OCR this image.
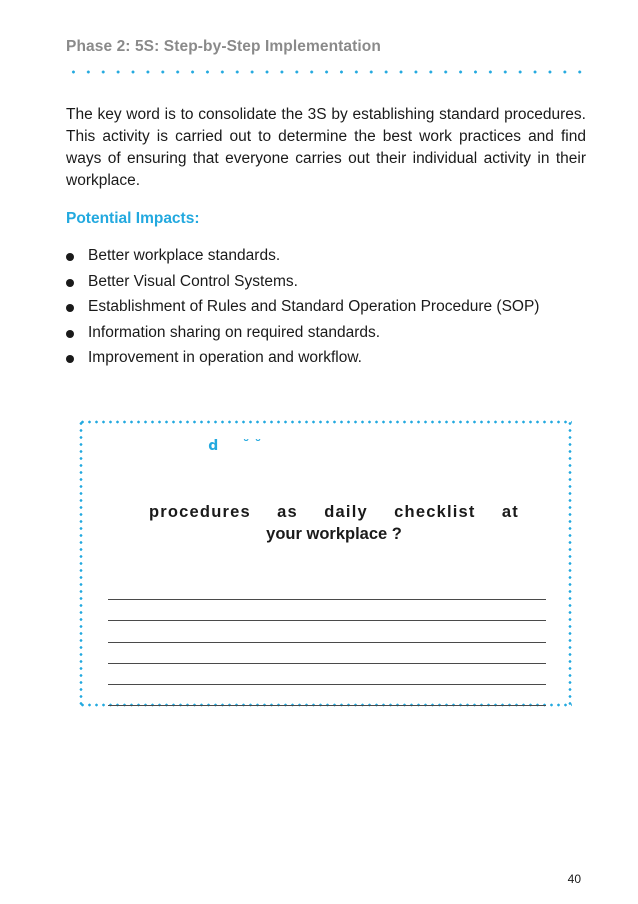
Phase 2: 5S: Step-by-Step Implementation

The key word is to consolidate the 3S by establishing standard procedures. This activity is carried out to determine the best work practices and find ways of ensuring that everyone carries out their individual activity in their workplace.

Potential Impacts:
Better workplace standards.
Better Visual Control Systems.
Establishment of Rules and Standard Operation Procedure (SOP)
Information sharing on required standards.
Improvement in operation and workflow.
d     ˘ ˘
procedures as daily checklist at
your workplace ?
40
